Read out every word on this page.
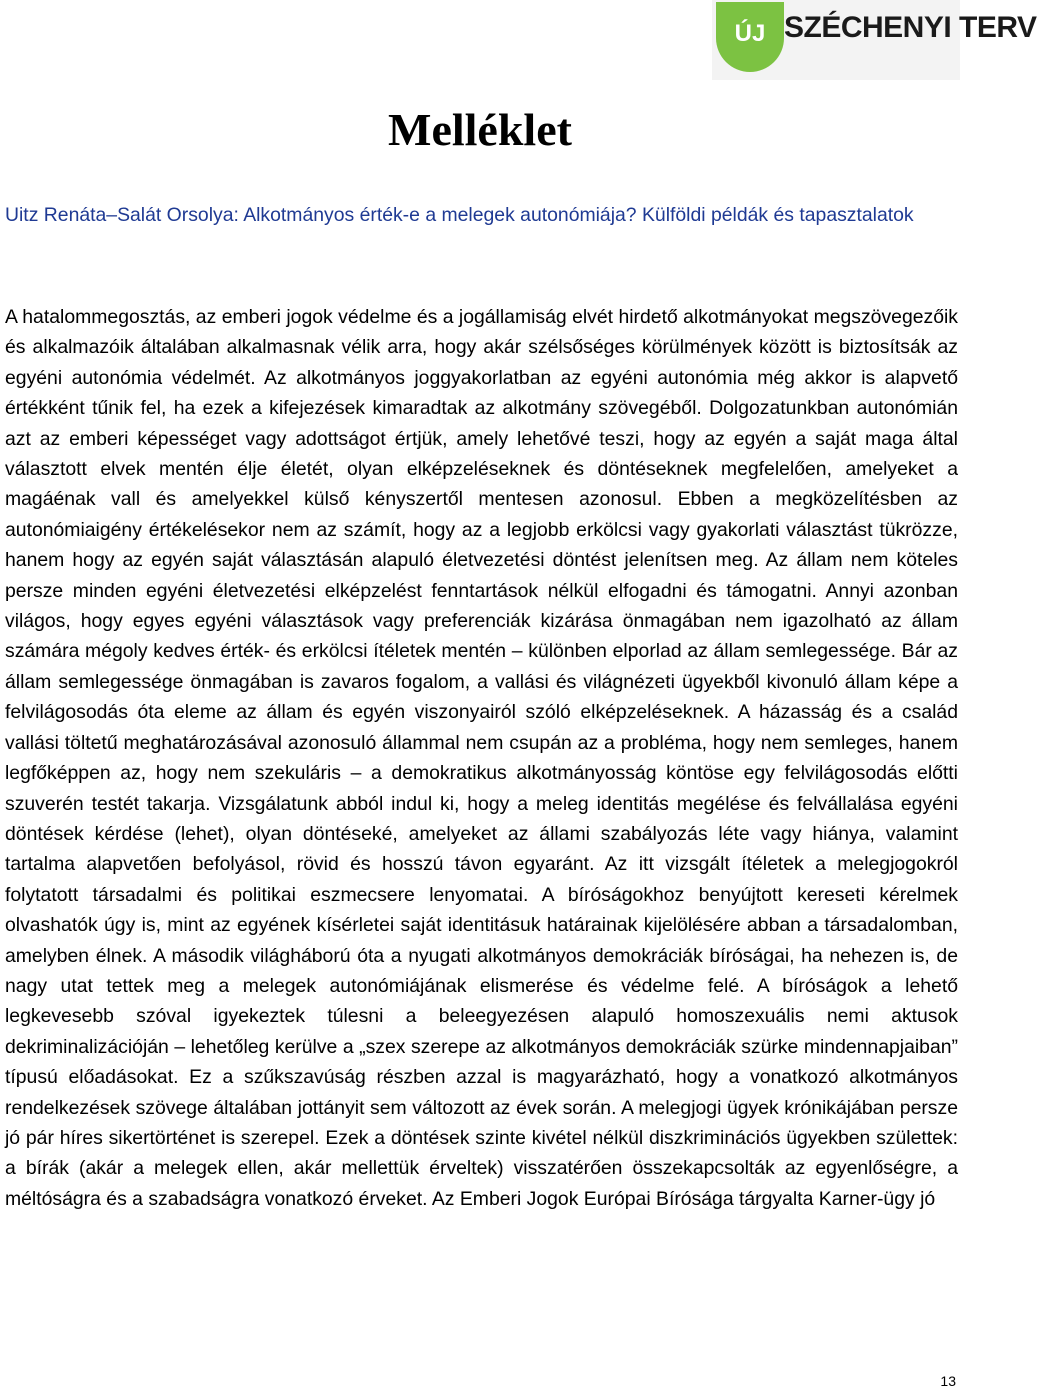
ÚJ SZÉCHENYI TERV
Melléklet
Uitz Renáta–Salát Orsolya: Alkotmányos érték-e a melegek autonómiája? Külföldi példák és tapasztalatok

A hatalommegosztás, az emberi jogok védelme és a jogállamiság elvét hirdető alkotmányokat megszövegezőik és alkalmazóik általában alkalmasnak vélik arra, hogy akár szélsőséges körülmények között is biztosítsák az egyéni autonómia védelmét. Az alkotmányos joggyakorlatban az egyéni autonómia még akkor is alapvető értékként tűnik fel, ha ezek a kifejezések kimaradtak az alkotmány szövegéből. Dolgozatunkban autonómián azt az emberi képességet vagy adottságot értjük, amely lehetővé teszi, hogy az egyén a saját maga által választott elvek mentén élje életét, olyan elképzeléseknek és döntéseknek megfelelően, amelyeket a magáénak vall és amelyekkel külső kényszertől mentesen azonosul. Ebben a megközelítésben az autonómiaigény értékelésekor nem az számít, hogy az a legjobb erkölcsi vagy gyakorlati választást tükrözze, hanem hogy az egyén saját választásán alapuló életvezetési döntést jelenítsen meg. Az állam nem köteles persze minden egyéni életvezetési elképzelést fenntartások nélkül elfogadni és támogatni. Annyi azonban világos, hogy egyes egyéni választások vagy preferenciák kizárása önmagában nem igazolható az állam számára mégoly kedves érték- és erkölcsi ítéletek mentén – különben elporlad az állam semlegessége. Bár az állam semlegessége önmagában is zavaros fogalom, a vallási és világnézeti ügyekből kivonuló állam képe a felvilágosodás óta eleme az állam és egyén viszonyairól szóló elképzeléseknek. A házasság és a család vallási töltetű meghatározásával azonosuló állammal nem csupán az a probléma, hogy nem semleges, hanem legfőképpen az, hogy nem szekuláris – a demokratikus alkotmányosság köntöse egy felvilágosodás előtti szuverén testét takarja. Vizsgálatunk abból indul ki, hogy a meleg identitás megélése és felvállalása egyéni döntések kérdése (lehet), olyan döntéseké, amelyeket az állami szabályozás léte vagy hiánya, valamint tartalma alapvetően befolyásol, rövid és hosszú távon egyaránt. Az itt vizsgált ítéletek a melegjogokról folytatott társadalmi és politikai eszmecsere lenyomatai. A bíróságokhoz benyújtott kereseti kérelmek olvashatók úgy is, mint az egyének kísérletei saját identitásuk határainak kijelölésére abban a társadalomban, amelyben élnek. A második világháború óta a nyugati alkotmányos demokráciák bíróságai, ha nehezen is, de nagy utat tettek meg a melegek autonómiájának elismerése és védelme felé. A bíróságok a lehető legkevesebb szóval igyekeztek túlesni a beleegyezésen alapuló homoszexuális nemi aktusok dekriminalizációján – lehetőleg kerülve a „szex szerepe az alkotmányos demokráciák szürke mindennapjaiban” típusú előadásokat. Ez a szűkszavúság részben azzal is magyarázható, hogy a vonatkozó alkotmányos rendelkezések szövege általában jottányit sem változott az évek során. A melegjogi ügyek krónikájában persze jó pár híres sikertörténet is szerepel. Ezek a döntések szinte kivétel nélkül diszkriminációs ügyekben születtek: a bírák (akár a melegek ellen, akár mellettük érveltek) visszatérően összekapcsolták az egyenlőségre, a méltóságra és a szabadságra vonatkozó érveket. Az Emberi Jogok Európai Bírósága tárgyalta Karner-ügy jó

13
